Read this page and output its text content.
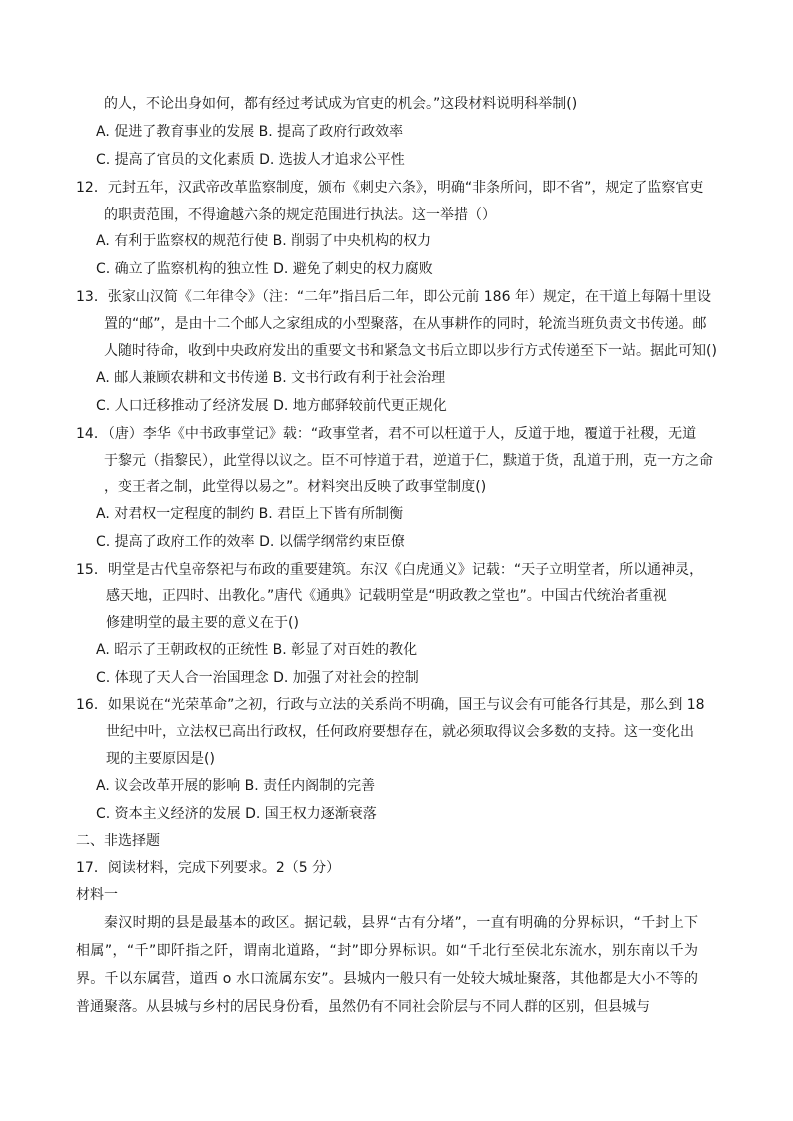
的人，不论出身如何，都有经过考试成为官吏的机会。”这段材料说明科举制()
A. 促进了教育事业的发展 B. 提高了政府行政效率
C. 提高了官员的文化素质 D. 选拔人才追求公平性
12．元封五年，汉武帝改革监察制度，颁布《刺史六条》，明确“非条所问，即不省”，规定了监察官吏
的职责范围，不得逾越六条的规定范围进行执法。这一举措（）
A. 有利于监察权的规范行使 B. 削弱了中央机构的权力
C. 确立了监察机构的独立性 D. 避免了刺史的权力腐败
13．张家山汉简《二年律令》（注：“二年”指吕后二年，即公元前 186 年）规定，在干道上每隔十里设
置的“邮”，是由十二个邮人之家组成的小型聚落，在从事耕作的同时，轮流当班负责文书传递。邮
人随时待命，收到中央政府发出的重要文书和紧急文书后立即以步行方式传递至下一站。据此可知()
A. 邮人兼顾农耕和文书传递 B. 文书行政有利于社会治理
C. 人口迁移推动了经济发展 D. 地方邮驿较前代更正规化
14．（唐）李华《中书政事堂记》载：“政事堂者，君不可以枉道于人，反道于地，覆道于社稷，无道
于黎元（指黎民），此堂得以议之。臣不可悖道于君，逆道于仁，黩道于货，乱道于刑，克一方之命
，变王者之制，此堂得以易之”。材料突出反映了政事堂制度()
A. 对君权一定程度的制约 B. 君臣上下皆有所制衡
C. 提高了政府工作的效率 D. 以儒学纲常约束臣僚
15．明堂是古代皇帝祭祀与布政的重要建筑。东汉《白虎通义》记载：“天子立明堂者，所以通神灵，
感天地，正四时、出教化。”唐代《通典》记载明堂是“明政教之堂也”。中国古代统治者重视
修建明堂的最主要的意义在于()
A. 昭示了王朝政权的正统性 B. 彰显了对百姓的教化
C. 体现了天人合一治国理念 D. 加强了对社会的控制
16．如果说在“光荣革命”之初，行政与立法的关系尚不明确，国王与议会有可能各行其是，那么到 18
世纪中叶，立法权已高出行政权，任何政府要想存在，就必须取得议会多数的支持。这一变化出
现的主要原因是()
A. 议会改革开展的影响 B. 责任内阁制的完善
C. 资本主义经济的发展 D. 国王权力逐渐衰落
二、非选择题
17．阅读材料，完成下列要求。2（5 分）
材料一
秦汉时期的县是最基本的政区。据记载，县界“古有分堵”，一直有明确的分界标识，“千封上下相属”，“千”即阡指之阡，谓南北道路，“封”即分界标识。如“千北行至侯北东流水，别东南以千为界。千以东属营，道西 o 水口流属东安”。县城内一般只有一处较大城址聚落，其他都是大小不等的普通聚落。从县城与乡村的居民身份看，虽然仍有不同社会阶层与不同人群的区别，但县城与
